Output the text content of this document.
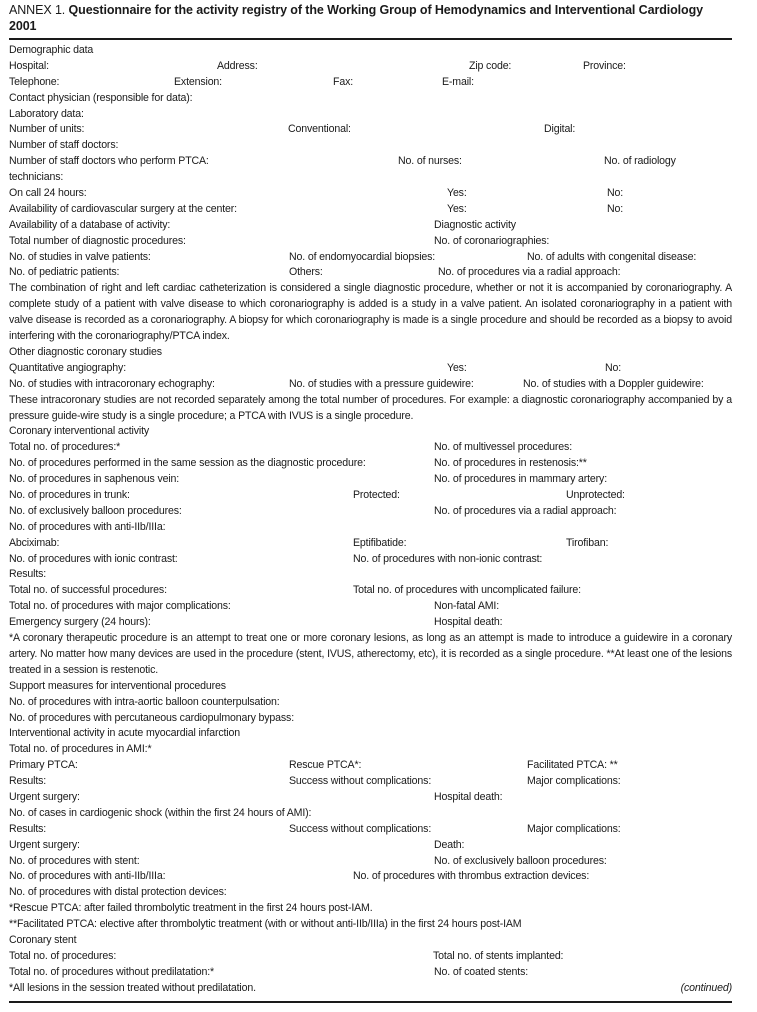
ANNEX 1. Questionnaire for the activity registry of the Working Group of Hemodynamics and Interventional Cardiology 2001
Demographic data
Hospital:	Address:	Zip code:	Province:
Telephone:	Extension:	Fax:	E-mail:
Contact physician (responsible for data):
Laboratory data:
Number of units:	Conventional:	Digital:
Number of staff doctors:
Number of staff doctors who perform PTCA:	No. of nurses:	No. of radiology
technicians:
On call 24 hours:	Yes:	No:
Availability of cardiovascular surgery at the center:	Yes:	No:
Availability of a database of activity:	Diagnostic activity
Total number of diagnostic procedures:	No. of coronariographies:
No. of studies in valve patients:	No. of endomyocardial biopsies:	No. of adults with congenital disease:
No. of pediatric patients:	Others:	No. of procedures via a radial approach:

The combination of right and left cardiac catheterization is considered a single diagnostic procedure, whether or not it is accompanied by coronariography. A complete study of a patient with valve disease to which coronariography is added is a study in a valve patient. An isolated coronariography in a patient with valve disease is recorded as a coronariography. A biopsy for which coronariography is made is a single procedure and should be recorded as a biopsy to avoid interfering with the coronariography/PTCA index.

Other diagnostic coronary studies
Quantitative angiography:	Yes:	No:
No. of studies with intracoronary echography:	No. of studies with a pressure guidewire:	No. of studies with a Doppler guidewire:

These intracoronary studies are not recorded separately among the total number of procedures. For example: a diagnostic coronariography accompanied by a pressure guide-wire study is a single procedure; a PTCA with IVUS is a single procedure.

Coronary interventional activity
Total no. of procedures:*	No. of multivessel procedures:
No. of procedures performed in the same session as the diagnostic procedure:	No. of procedures in restenosis:**
No. of procedures in saphenous vein:	No. of procedures in mammary artery:
No. of procedures in trunk:	Protected:	Unprotected:
No. of exclusively balloon procedures:	No. of procedures via a radial approach:
No. of procedures with anti-IIb/IIIa:
Abciximab:	Eptifibatide:	Tirofiban:
No. of procedures with ionic contrast:	No. of procedures with non-ionic contrast:
Results:
Total no. of successful procedures:	Total no. of procedures with uncomplicated failure:
Total no. of procedures with major complications:	Non-fatal AMI:
Emergency surgery (24 hours):	Hospital death:

*A coronary therapeutic procedure is an attempt to treat one or more coronary lesions, as long as an attempt is made to introduce a guidewire in a coronary artery. No matter how many devices are used in the procedure (stent, IVUS, atherectomy, etc), it is recorded as a single procedure. **At least one of the lesions treated in a session is restenotic.

Support measures for interventional procedures
No. of procedures with intra-aortic balloon counterpulsation:
No. of procedures with percutaneous cardiopulmonary bypass:
Interventional activity in acute myocardial infarction
Total no. of procedures in AMI:*
Primary PTCA:	Rescue PTCA*:	Facilitated PTCA: **
Results:	Success without complications:	Major complications:
Urgent surgery:	Hospital death:
No. of cases in cardiogenic shock (within the first 24 hours of AMI):
Results:	Success without complications:	Major complications:
Urgent surgery:	Death:
No. of procedures with stent:	No. of exclusively balloon procedures:
No. of procedures with anti-IIb/IIIa:	No. of procedures with thrombus extraction devices:
No. of procedures with distal protection devices:
*Rescue PTCA: after failed thrombolytic treatment in the first 24 hours post-IAM.
**Facilitated PTCA: elective after thrombolytic treatment (with or without anti-IIb/IIIa) in the first 24 hours post-IAM
Coronary stent
Total no. of procedures:	Total no. of stents implanted:
Total no. of procedures without predilatation:*	No. of coated stents:
*All lesions in the session treated without predilatation.	(continued)
